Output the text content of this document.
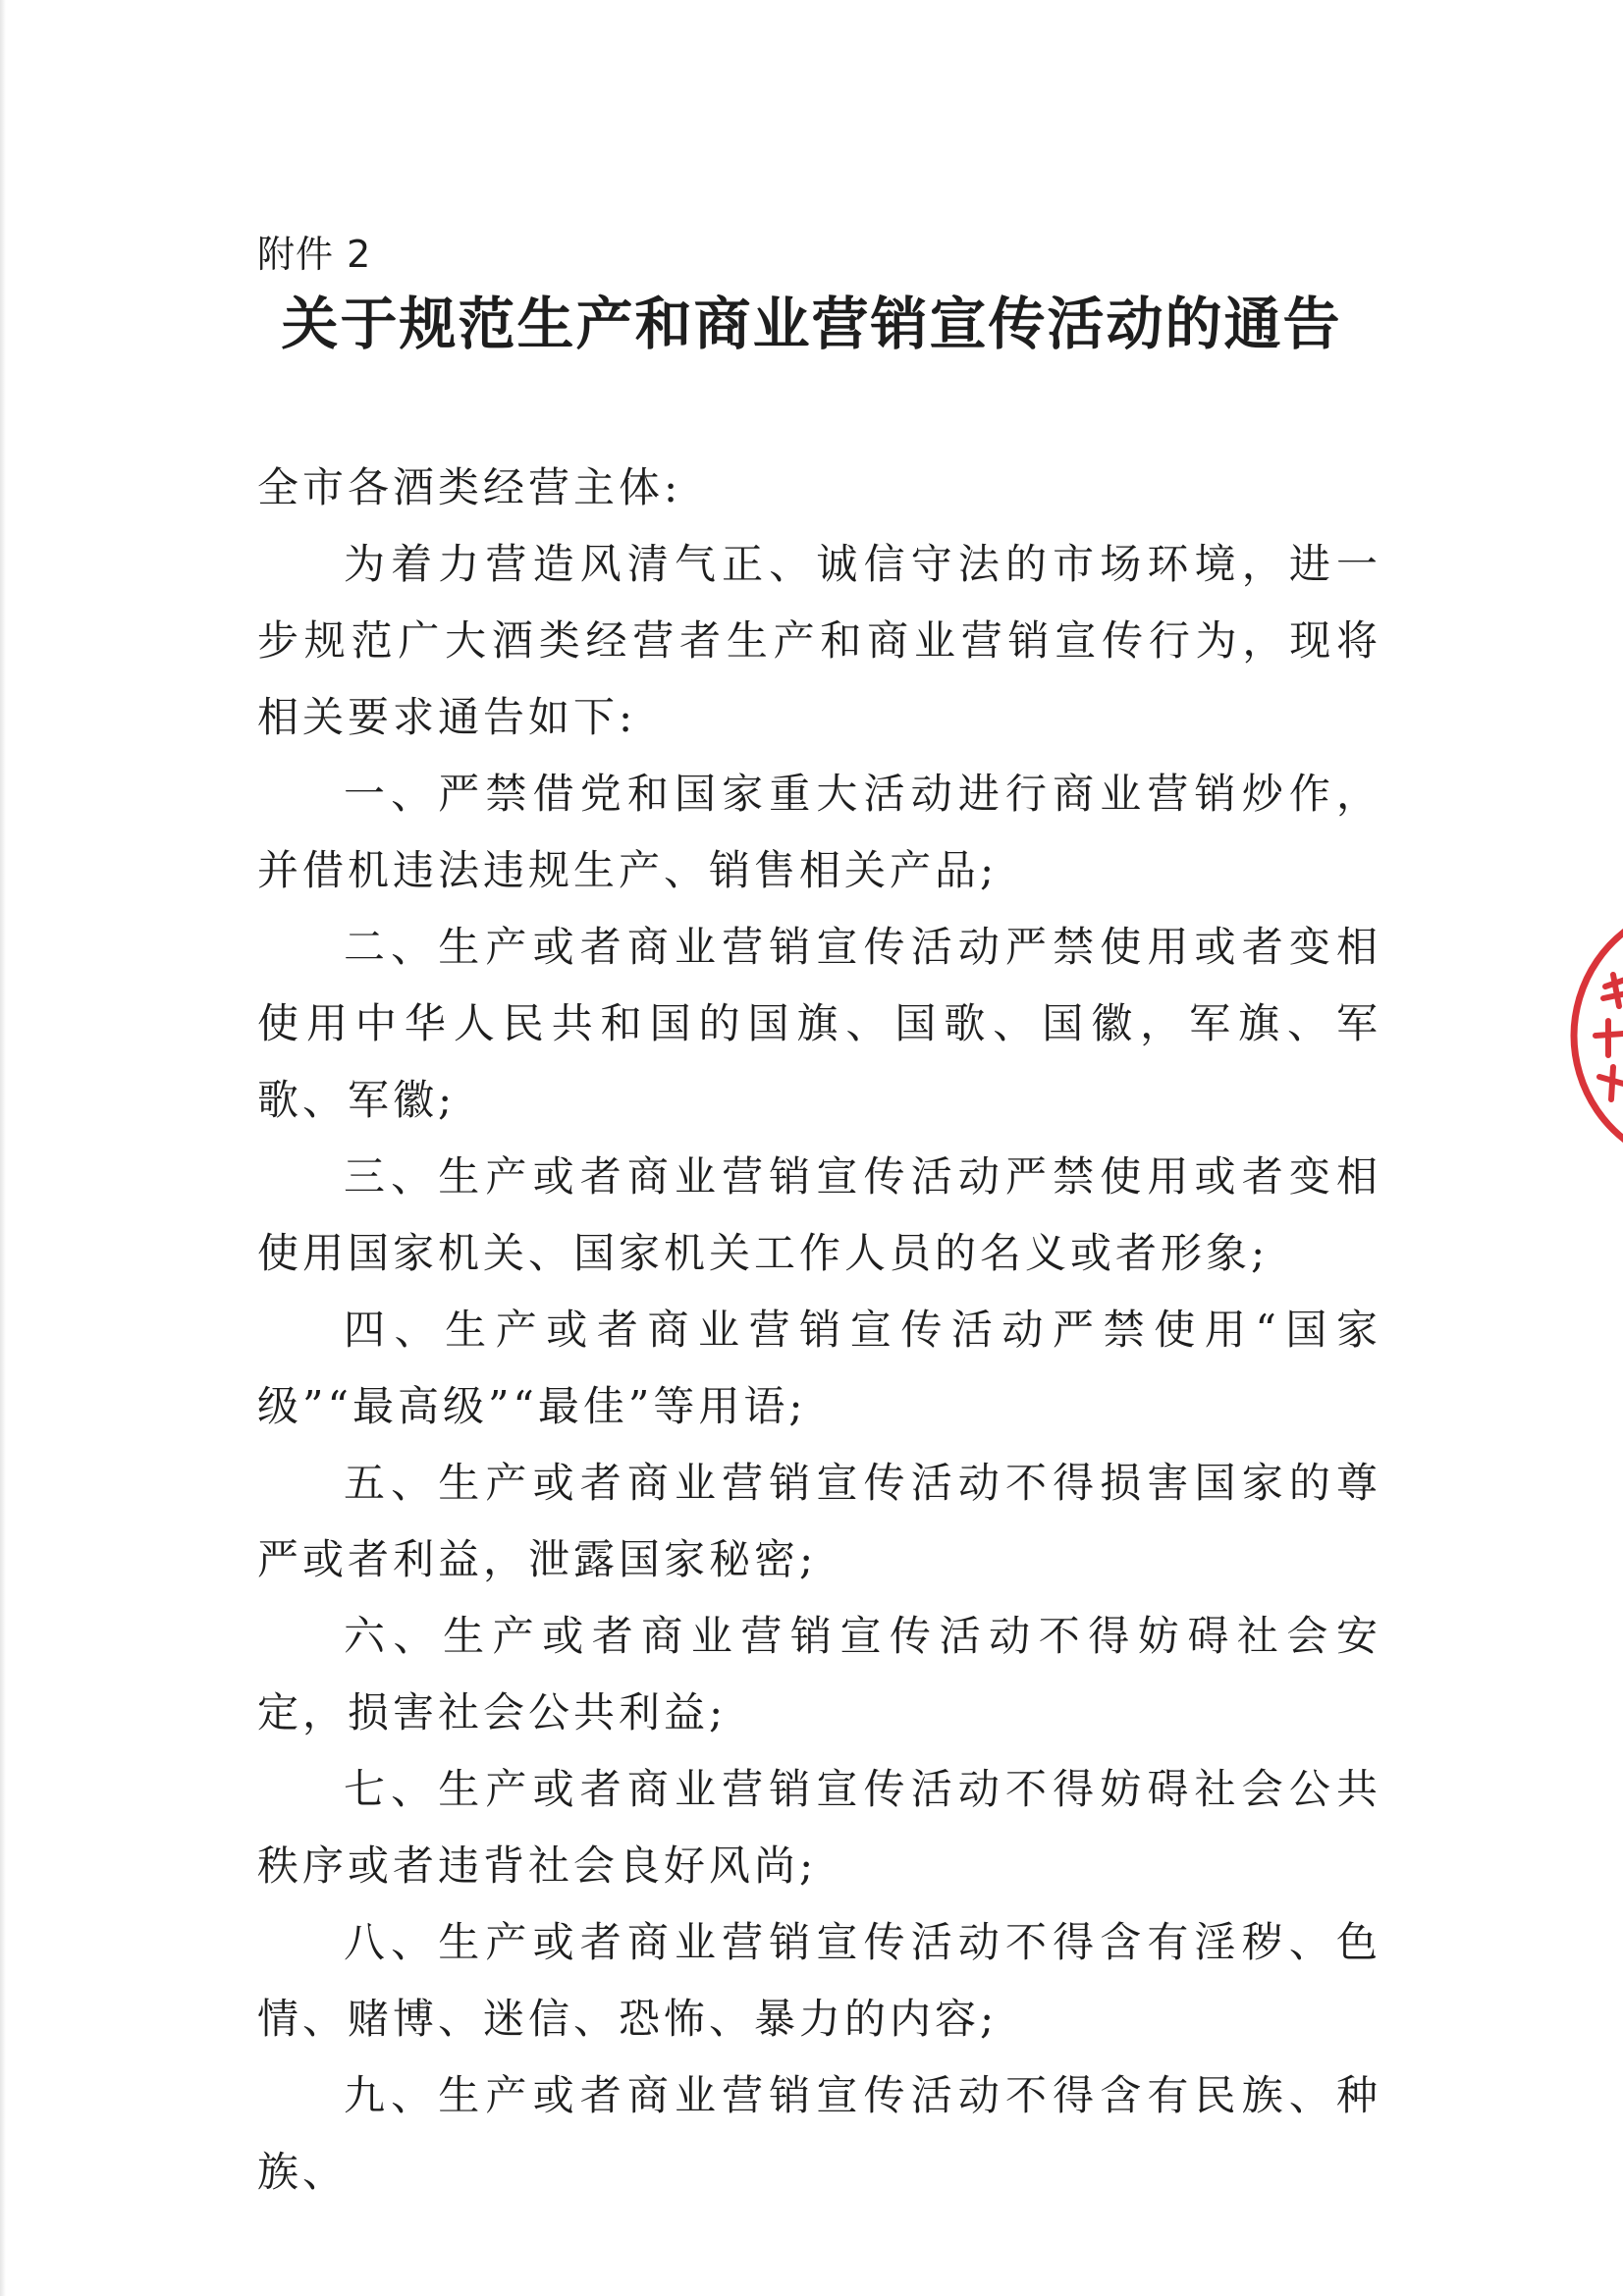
附件 2
关于规范生产和商业营销宣传活动的通告

全市各酒类经营主体:

为着力营造风清气正、诚信守法的市场环境，进一步规范广大酒类经营者生产和商业营销宣传行为，现将相关要求通告如下:

一、严禁借党和国家重大活动进行商业营销炒作，并借机违法违规生产、销售相关产品;

二、生产或者商业营销宣传活动严禁使用或者变相使用中华人民共和国的国旗、国歌、国徽，军旗、军歌、军徽;

三、生产或者商业营销宣传活动严禁使用或者变相使用国家机关、国家机关工作人员的名义或者形象;

四、生产或者商业营销宣传活动严禁使用“国家级”“最高级”“最佳”等用语;

五、生产或者商业营销宣传活动不得损害国家的尊严或者利益，泄露国家秘密;

六、生产或者商业营销宣传活动不得妨碍社会安定，损害社会公共利益;

七、生产或者商业营销宣传活动不得妨碍社会公共秩序或者违背社会良好风尚;

八、生产或者商业营销宣传活动不得含有淫秽、色情、赌博、迷信、恐怖、暴力的内容;

九、生产或者商业营销宣传活动不得含有民族、种族、
